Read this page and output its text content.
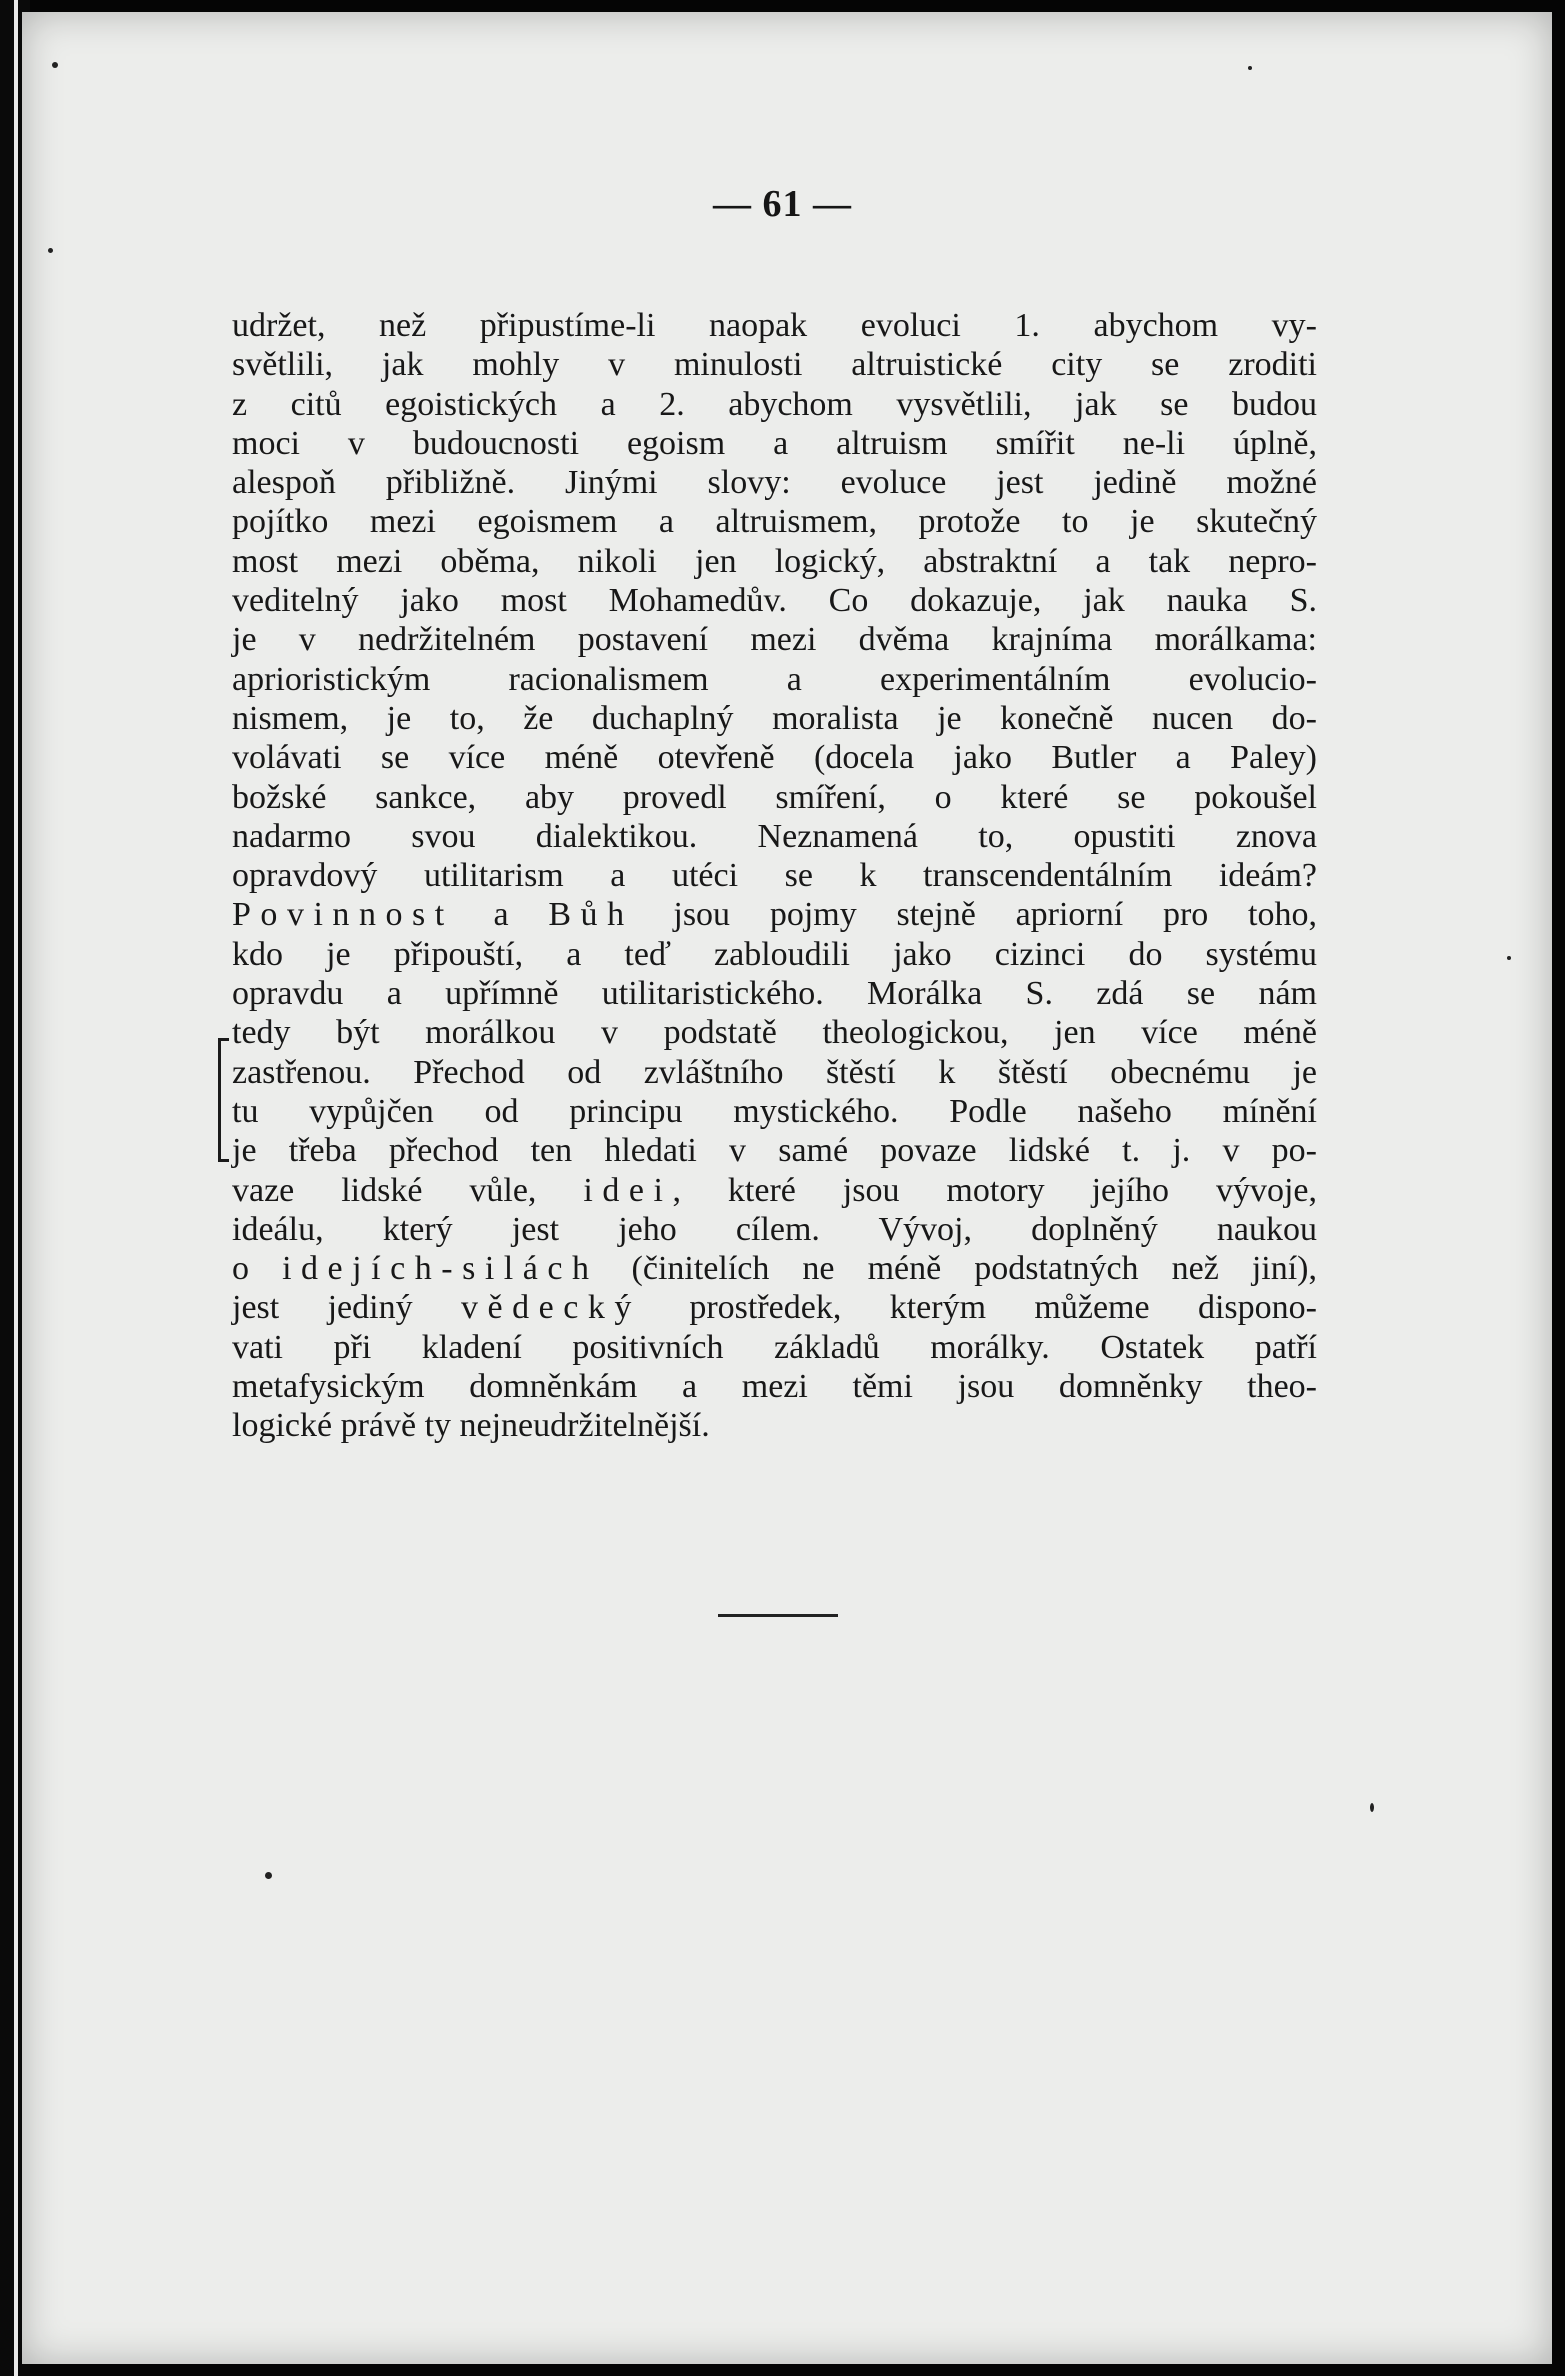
— 61 —
udržet, než připustíme-li naopak evoluci 1. abychom vy-
světlili, jak mohly v minulosti altruistické city se zroditi
z citů egoistických a 2. abychom vysvětlili, jak se budou
moci v budoucnosti egoism a altruism smířit ne-li úplně,
alespoň přibližně. Jinými slovy: evoluce jest jedině možné
pojítko mezi egoismem a altruismem, protože to je skutečný
most mezi oběma, nikoli jen logický, abstraktní a tak nepro-
veditelný jako most Mohamedův. Co dokazuje, jak nauka S.
je v nedržitelném postavení mezi dvěma krajníma morálkama:
aprioristickým racionalismem a experimentálním evolucio-
nismem, je to, že duchaplný moralista je konečně nucen do-
volávati se více méně otevřeně (docela jako Butler a Paley)
božské sankce, aby provedl smíření, o které se pokoušel
nadarmo svou dialektikou. Neznamená to, opustiti znova
opravdový utilitarism a utéci se k transcendentálním ideám?
Povinnost a Bůh jsou pojmy stejně apriorní pro toho,
kdo je připouští, a teď zabloudili jako cizinci do systému
opravdu a upřímně utilitaristického. Morálka S. zdá se nám
tedy být morálkou v podstatě theologickou, jen více méně
zastřenou. Přechod od zvláštního štěstí k štěstí obecnému je
tu vypůjčen od principu mystického. Podle našeho mínění
je třeba přechod ten hledati v samé povaze lidské t. j. v po-
vaze lidské vůle, idei, které jsou motory jejího vývoje,
ideálu, který jest jeho cílem. Vývoj, doplněný naukou
o idejích-silách (činitelích ne méně podstatných než jiní),
jest jediný vědecký prostředek, kterým můžeme dispono-
vati při kladení positivních základů morálky. Ostatek patří
metafysickým domněnkám a mezi těmi jsou domněnky theo-
logické právě ty nejneudržitelnější.
